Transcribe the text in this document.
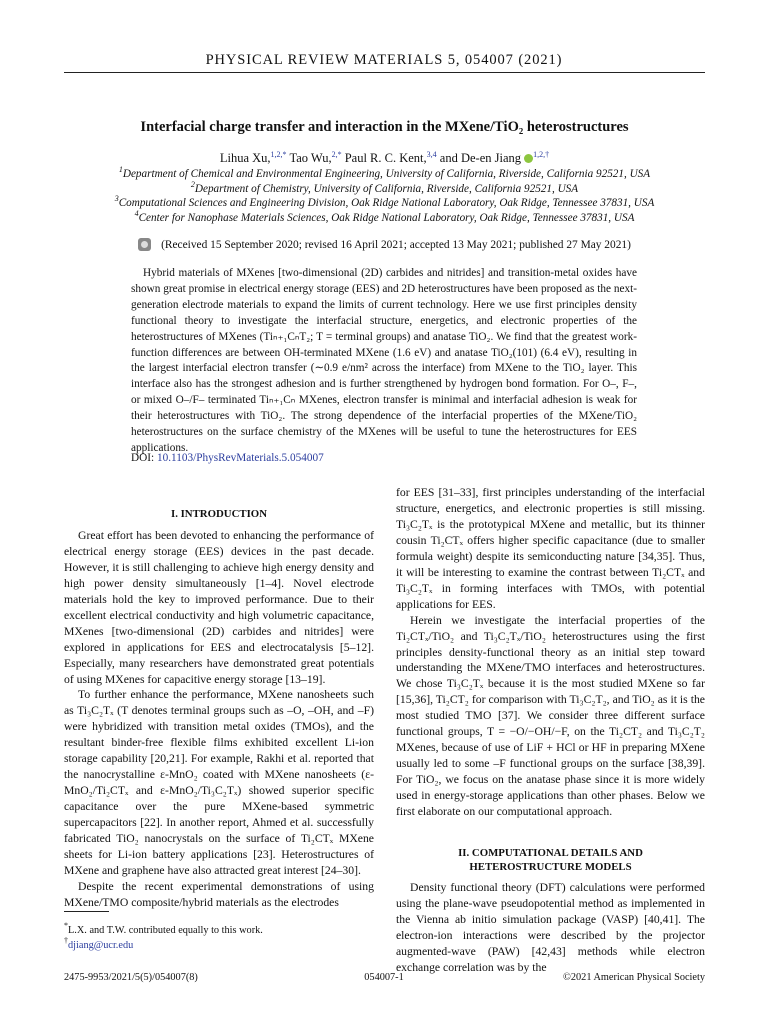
PHYSICAL REVIEW MATERIALS 5, 054007 (2021)
Interfacial charge transfer and interaction in the MXene/TiO₂ heterostructures
Lihua Xu,$^{1,2,*}$ Tao Wu,$^{2,*}$ Paul R. C. Kent,$^{3,4}$ and De-en Jiang $^{1,2,\dagger}$
$^1$Department of Chemical and Environmental Engineering, University of California, Riverside, California 92521, USA
$^2$Department of Chemistry, University of California, Riverside, California 92521, USA
$^3$Computational Sciences and Engineering Division, Oak Ridge National Laboratory, Oak Ridge, Tennessee 37831, USA
$^4$Center for Nanophase Materials Sciences, Oak Ridge National Laboratory, Oak Ridge, Tennessee 37831, USA
(Received 15 September 2020; revised 16 April 2021; accepted 13 May 2021; published 27 May 2021)
Hybrid materials of MXenes [two-dimensional (2D) carbides and nitrides] and transition-metal oxides have shown great promise in electrical energy storage (EES) and 2D heterostructures have been proposed as the next-generation electrode materials to expand the limits of current technology. Here we use first principles density functional theory to investigate the interfacial structure, energetics, and electronic properties of the heterostructures of MXenes (Tiₙ₊₁CₙT₂; T = terminal groups) and anatase TiO₂. We find that the greatest work-function differences are between OH-terminated MXene (1.6 eV) and anatase TiO₂(101) (6.4 eV), resulting in the largest interfacial electron transfer (∼0.9 e/nm² across the interface) from MXene to the TiO₂ layer. This interface also has the strongest adhesion and is further strengthened by hydrogen bond formation. For O–, F–, or mixed O–/F– terminated Tiₙ₊₁Cₙ MXenes, electron transfer is minimal and interfacial adhesion is weak for their heterostructures with TiO₂. The strong dependence of the interfacial properties of the MXene/TiO₂ heterostructures on the surface chemistry of the MXenes will be useful to tune the heterostructures for EES applications.
DOI: 10.1103/PhysRevMaterials.5.054007
I. INTRODUCTION

Great effort has been devoted to enhancing the performance of electrical energy storage (EES) devices in the past decade. However, it is still challenging to achieve high energy density and high power density simultaneously [1–4]. Novel electrode materials hold the key to improved performance. Due to their excellent electrical conductivity and high volumetric capacitance, MXenes [two-dimensional (2D) carbides and nitrides] were explored in applications for EES and electrocatalysis [5–12]. Especially, many researchers have demonstrated great potentials of using MXenes for capacitive energy storage [13–19].

To further enhance the performance, MXene nanosheets such as Ti₃C₂Tₓ (T denotes terminal groups such as –O, –OH, and –F) were hybridized with transition metal oxides (TMOs), and the resultant binder-free flexible films exhibited excellent Li-ion storage capability [20,21]. For example, Rakhi et al. reported that the nanocrystalline ε-MnO₂ coated with MXene nanosheets (ε-MnO₂/Ti₂CTₓ and ε-MnO₂/Ti₃C₂Tₓ) showed superior specific capacitance over the pure MXene-based symmetric supercapacitors [22]. In another report, Ahmed et al. successfully fabricated TiO₂ nanocrystals on the surface of Ti₂CTₓ MXene sheets for Li-ion battery applications [23]. Heterostructures of MXene and graphene have also attracted great interest [24–30].

Despite the recent experimental demonstrations of using MXene/TMO composite/hybrid materials as the electrodes

for EES [31–33], first principles understanding of the interfacial structure, energetics, and electronic properties is still missing. Ti₃C₂Tₓ is the prototypical MXene and metallic, but its thinner cousin Ti₂CTₓ offers higher specific capacitance (due to smaller formula weight) despite its semiconducting nature [34,35]. Thus, it will be interesting to examine the contrast between Ti₂CTₓ and Ti₃C₂Tₓ in forming interfaces with TMOs, with potential applications for EES.

Herein we investigate the interfacial properties of the Ti₂CTₓ/TiO₂ and Ti₃C₂Tₓ/TiO₂ heterostructures using the first principles density-functional theory as an initial step toward understanding the MXene/TMO interfaces and heterostructures. We chose Ti₃C₂Tₓ because it is the most studied MXene so far [15,36], Ti₂CT₂ for comparison with Ti₃C₂T₂, and TiO₂ as it is the most studied TMO [37]. We consider three different surface functional groups, T = −O/−OH/−F, on the Ti₂CT₂ and Ti₃C₂T₂ MXenes, because of use of LiF + HCl or HF in preparing MXene usually led to some –F functional groups on the surface [38,39]. For TiO₂, we focus on the anatase phase since it is more widely used in energy-storage applications than other phases. Below we first elaborate on our computational approach.

II. COMPUTATIONAL DETAILS AND
HETEROSTRUCTURE MODELS

Density functional theory (DFT) calculations were performed using the plane-wave pseudopotential method as implemented in the Vienna ab initio simulation package (VASP) [40,41]. The electron-ion interactions were described by the projector augmented-wave (PAW) [42,43] methods while electron exchange correlation was by the

*L.X. and T.W. contributed equally to this work.
†djiang@ucr.edu
2475-9953/2021/5(5)/054007(8)	054007-1	©2021 American Physical Society
